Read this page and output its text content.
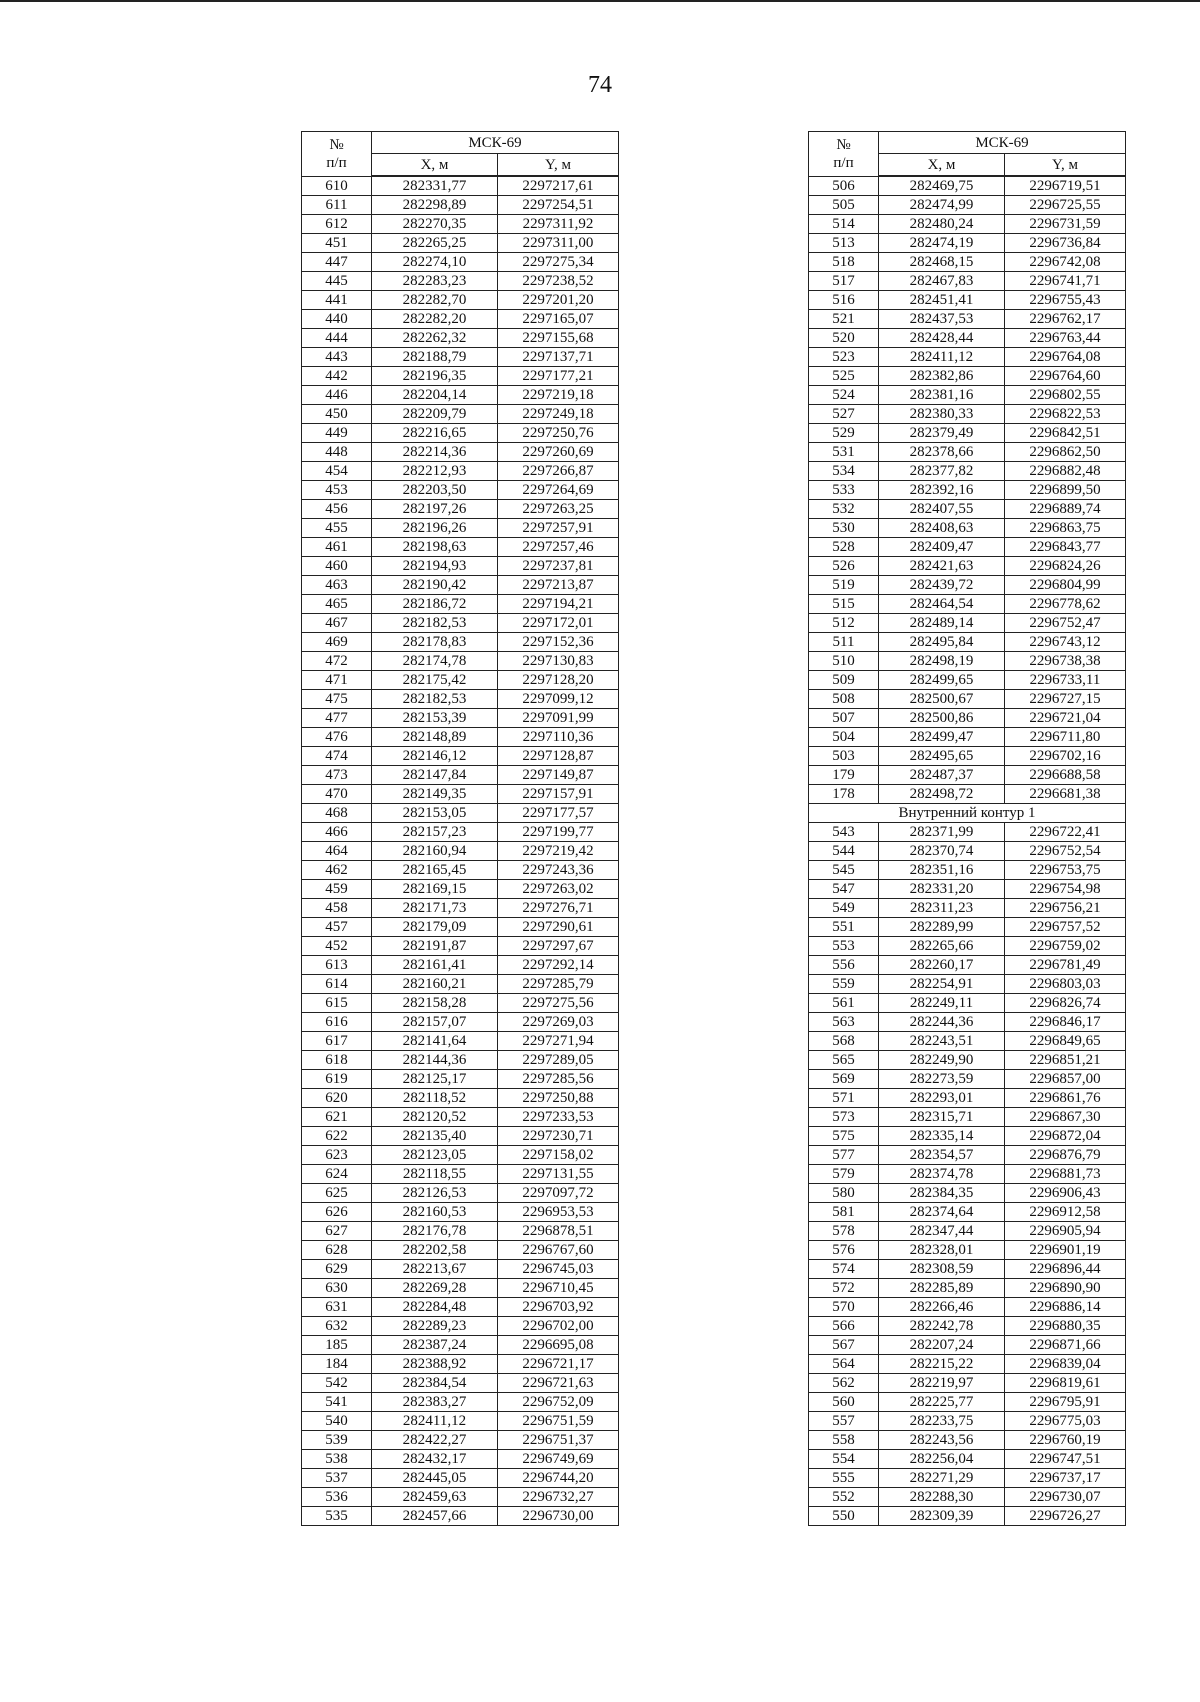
74
№
п/п	МСК-69	
	X, м	Y, м
610	282331,77	2297217,61
611	282298,89	2297254,51
612	282270,35	2297311,92
451	282265,25	2297311,00
447	282274,10	2297275,34
445	282283,23	2297238,52
441	282282,70	2297201,20
440	282282,20	2297165,07
444	282262,32	2297155,68
443	282188,79	2297137,71
442	282196,35	2297177,21
446	282204,14	2297219,18
450	282209,79	2297249,18
449	282216,65	2297250,76
448	282214,36	2297260,69
454	282212,93	2297266,87
453	282203,50	2297264,69
456	282197,26	2297263,25
455	282196,26	2297257,91
461	282198,63	2297257,46
460	282194,93	2297237,81
463	282190,42	2297213,87
465	282186,72	2297194,21
467	282182,53	2297172,01
469	282178,83	2297152,36
472	282174,78	2297130,83
471	282175,42	2297128,20
475	282182,53	2297099,12
477	282153,39	2297091,99
476	282148,89	2297110,36
474	282146,12	2297128,87
473	282147,84	2297149,87
470	282149,35	2297157,91
468	282153,05	2297177,57
466	282157,23	2297199,77
464	282160,94	2297219,42
462	282165,45	2297243,36
459	282169,15	2297263,02
458	282171,73	2297276,71
457	282179,09	2297290,61
452	282191,87	2297297,67
613	282161,41	2297292,14
614	282160,21	2297285,79
615	282158,28	2297275,56
616	282157,07	2297269,03
617	282141,64	2297271,94
618	282144,36	2297289,05
619	282125,17	2297285,56
620	282118,52	2297250,88
621	282120,52	2297233,53
622	282135,40	2297230,71
623	282123,05	2297158,02
624	282118,55	2297131,55
625	282126,53	2297097,72
626	282160,53	2296953,53
627	282176,78	2296878,51
628	282202,58	2296767,60
629	282213,67	2296745,03
630	282269,28	2296710,45
631	282284,48	2296703,92
632	282289,23	2296702,00
185	282387,24	2296695,08
184	282388,92	2296721,17
542	282384,54	2296721,63
541	282383,27	2296752,09
540	282411,12	2296751,59
539	282422,27	2296751,37
538	282432,17	2296749,69
537	282445,05	2296744,20
536	282459,63	2296732,27
535	282457,66	2296730,00
№
п/п	МСК-69	
	X, м	Y, м
506	282469,75	2296719,51
505	282474,99	2296725,55
514	282480,24	2296731,59
513	282474,19	2296736,84
518	282468,15	2296742,08
517	282467,83	2296741,71
516	282451,41	2296755,43
521	282437,53	2296762,17
520	282428,44	2296763,44
523	282411,12	2296764,08
525	282382,86	2296764,60
524	282381,16	2296802,55
527	282380,33	2296822,53
529	282379,49	2296842,51
531	282378,66	2296862,50
534	282377,82	2296882,48
533	282392,16	2296899,50
532	282407,55	2296889,74
530	282408,63	2296863,75
528	282409,47	2296843,77
526	282421,63	2296824,26
519	282439,72	2296804,99
515	282464,54	2296778,62
512	282489,14	2296752,47
511	282495,84	2296743,12
510	282498,19	2296738,38
509	282499,65	2296733,11
508	282500,67	2296727,15
507	282500,86	2296721,04
504	282499,47	2296711,80
503	282495,65	2296702,16
179	282487,37	2296688,58
178	282498,72	2296681,38
Внутренний контур 1		
543	282371,99	2296722,41
544	282370,74	2296752,54
545	282351,16	2296753,75
547	282331,20	2296754,98
549	282311,23	2296756,21
551	282289,99	2296757,52
553	282265,66	2296759,02
556	282260,17	2296781,49
559	282254,91	2296803,03
561	282249,11	2296826,74
563	282244,36	2296846,17
568	282243,51	2296849,65
565	282249,90	2296851,21
569	282273,59	2296857,00
571	282293,01	2296861,76
573	282315,71	2296867,30
575	282335,14	2296872,04
577	282354,57	2296876,79
579	282374,78	2296881,73
580	282384,35	2296906,43
581	282374,64	2296912,58
578	282347,44	2296905,94
576	282328,01	2296901,19
574	282308,59	2296896,44
572	282285,89	2296890,90
570	282266,46	2296886,14
566	282242,78	2296880,35
567	282207,24	2296871,66
564	282215,22	2296839,04
562	282219,97	2296819,61
560	282225,77	2296795,91
557	282233,75	2296775,03
558	282243,56	2296760,19
554	282256,04	2296747,51
555	282271,29	2296737,17
552	282288,30	2296730,07
550	282309,39	2296726,27
